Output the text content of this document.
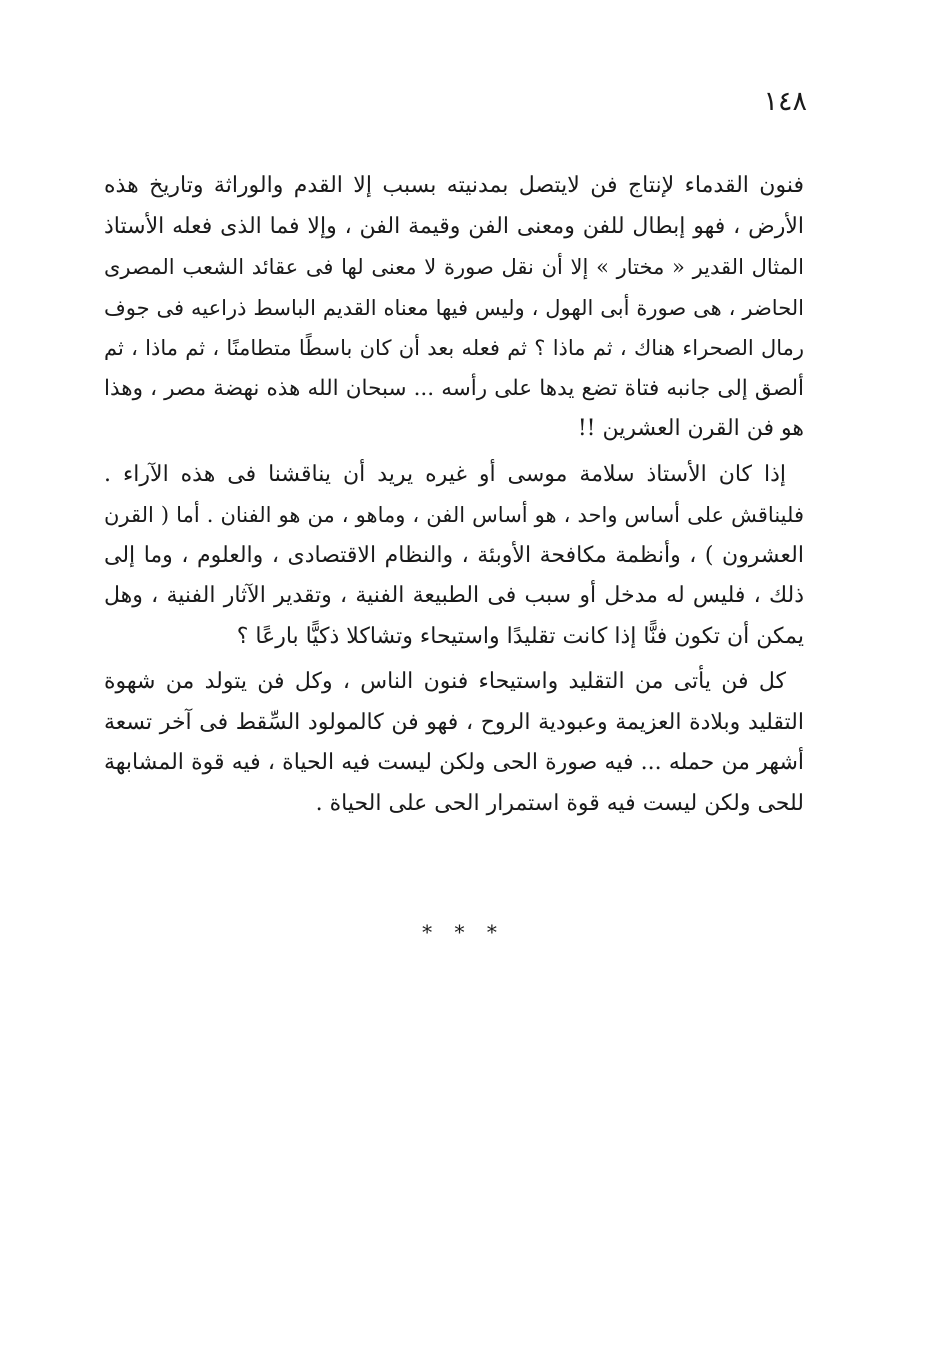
١٤٨

فنون القدماء لإنتاج فن لايتصل بمدنيته بسبب إلا القدم والوراثة وتاريخ هذه
الأرض ، فهو إبطال للفن ومعنى الفن وقيمة الفن ، وإلا فما الذى فعله الأستاذ
المثال القدير « مختار » إلا أن نقل صورة لا معنى لها فى عقائد الشعب المصرى
الحاضر ، هى صورة أبى الهول ، وليس فيها معناه القديم الباسط ذراعيه فى جوف
رمال الصحراء هناك ، ثم ماذا ؟ ثم فعله بعد أن كان باسطًا متطامنًا ، ثم ماذا ، ثم
ألصق إلى جانبه فتاة تضع يدها على رأسه ... سبحان الله هذه نهضة مصر ، وهذا
هو فن القرن العشرين !!

إذا كان الأستاذ سلامة موسى أو غيره يريد أن يناقشنا فى هذه الآراء .
فليناقش على أساس واحد ، هو أساس الفن ، وماهو ، من هو الفنان . أما ( القرن
العشرون ) ، وأنظمة مكافحة الأوبئة ، والنظام الاقتصادى ، والعلوم ، وما إلى
ذلك ، فليس له مدخل أو سبب فى الطبيعة الفنية ، وتقدير الآثار الفنية ، وهل
يمكن أن تكون فنًّا إذا كانت تقليدًا واستيحاء وتشاكلا ذكيًّا بارعًا ؟

كل فن يأتى من التقليد واستيحاء فنون الناس ، وكل فن يتولد من شهوة
التقليد وبلادة العزيمة وعبودية الروح ، فهو فن كالمولود السِّقط فى آخر تسعة
أشهر من حمله ... فيه صورة الحى ولكن ليست فيه الحياة ، فيه قوة المشابهة
للحى ولكن ليست فيه قوة استمرار الحى على الحياة .

* * *
